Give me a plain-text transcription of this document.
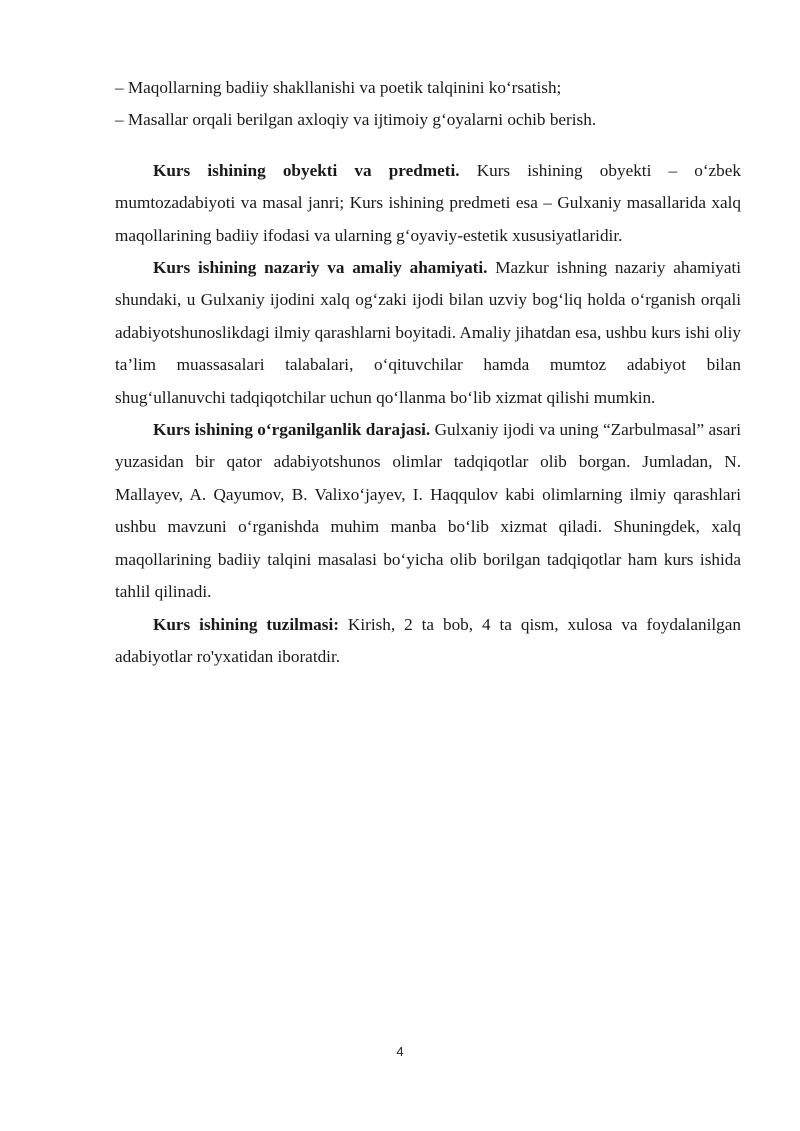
– Maqollarning badiiy shakllanishi va poetik talqinini ko‘rsatish;

– Masallar orqali berilgan axloqiy va ijtimoiy g‘oyalarni ochib berish.

Kurs ishining obyekti va predmeti. Kurs ishining obyekti – o‘zbek mumtozadabiyoti va masal janri; Kurs ishining predmeti esa – Gulxaniy masallarida xalq maqollarining badiiy ifodasi va ularning g‘oyaviy-estetik xususiyatlaridir.

Kurs ishining nazariy va amaliy ahamiyati. Mazkur ishning nazariy ahamiyati shundaki, u Gulxaniy ijodini xalq og‘zaki ijodi bilan uzviy bog‘liq holda o‘rganish orqali adabiyotshunoslikdagi ilmiy qarashlarni boyitadi. Amaliy jihatdan esa, ushbu kurs ishi oliy ta’lim muassasalari talabalari, o‘qituvchilar hamda mumtoz adabiyot bilan shug‘ullanuvchi tadqiqotchilar uchun qo‘llanma bo‘lib xizmat qilishi mumkin.

Kurs ishining o‘rganilganlik darajasi. Gulxaniy ijodi va uning “Zarbulmasal” asari yuzasidan bir qator adabiyotshunos olimlar tadqiqotlar olib borgan. Jumladan, N. Mallayev, A. Qayumov, B. Valixo‘jayev, I. Haqqulov kabi olimlarning ilmiy qarashlari ushbu mavzuni o‘rganishda muhim manba bo‘lib xizmat qiladi. Shuningdek, xalq maqollarining badiiy talqini masalasi bo‘yicha olib borilgan tadqiqotlar ham kurs ishida tahlil qilinadi.

Kurs ishining tuzilmasi: Kirish, 2 ta bob, 4 ta qism, xulosa va foydalanilgan adabiyotlar ro'yxatidan iboratdir.

4
